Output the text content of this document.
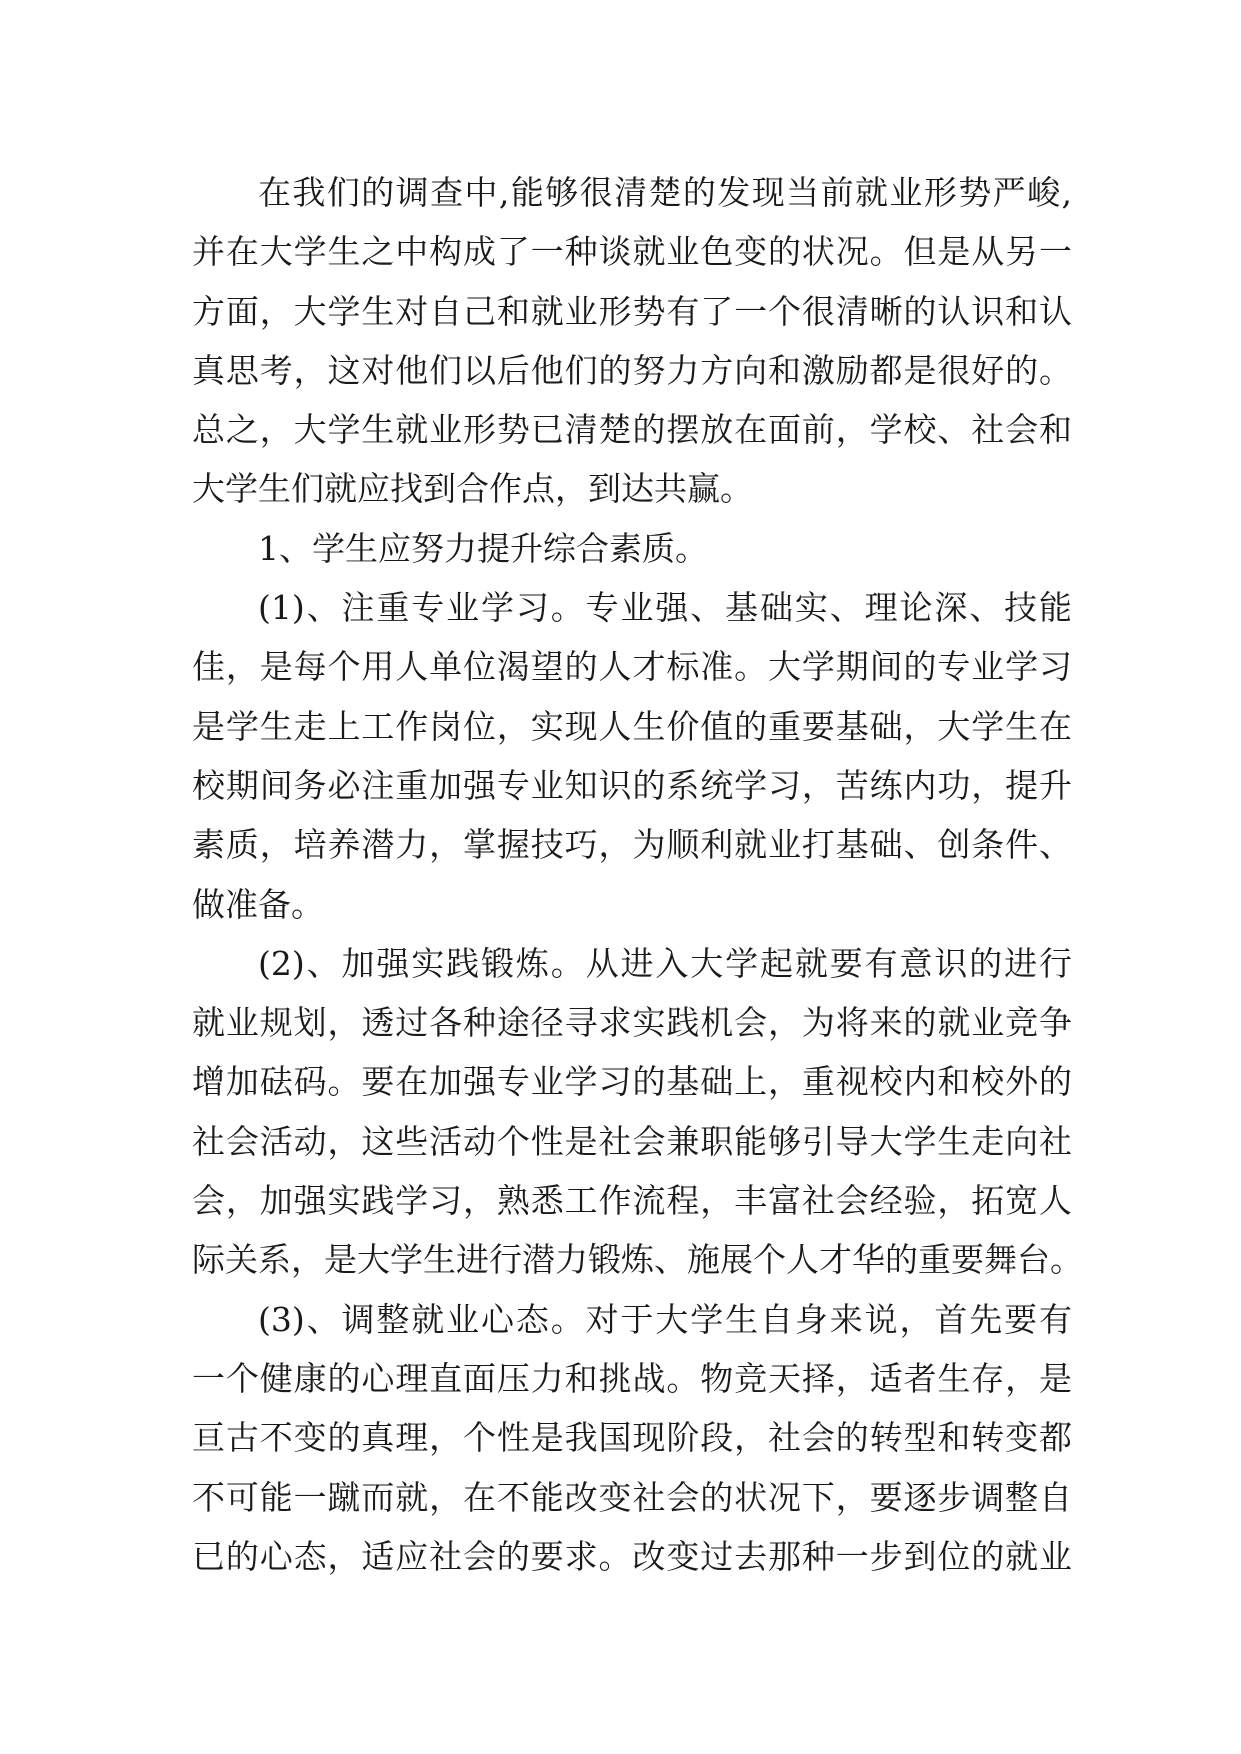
在我们的调查中,能够很清楚的发现当前就业形势严峻,
并在大学生之中构成了一种谈就业色变的状况。但是从另一
方面，大学生对自己和就业形势有了一个很清晰的认识和认
真思考，这对他们以后他们的努力方向和激励都是很好的。
总之，大学生就业形势已清楚的摆放在面前，学校、社会和
大学生们就应找到合作点，到达共赢。
1、学生应努力提升综合素质。
(1)、注重专业学习。专业强、基础实、理论深、技能
佳，是每个用人单位渴望的人才标准。大学期间的专业学习
是学生走上工作岗位，实现人生价值的重要基础，大学生在
校期间务必注重加强专业知识的系统学习，苦练内功，提升
素质，培养潜力，掌握技巧，为顺利就业打基础、创条件、
做准备。
(2)、加强实践锻炼。从进入大学起就要有意识的进行
就业规划，透过各种途径寻求实践机会，为将来的就业竞争
增加砝码。要在加强专业学习的基础上，重视校内和校外的
社会活动，这些活动个性是社会兼职能够引导大学生走向社
会，加强实践学习，熟悉工作流程，丰富社会经验，拓宽人
际关系，是大学生进行潜力锻炼、施展个人才华的重要舞台。
(3)、调整就业心态。对于大学生自身来说，首先要有
一个健康的心理直面压力和挑战。物竞天择，适者生存，是
亘古不变的真理，个性是我国现阶段，社会的转型和转变都
不可能一蹴而就，在不能改变社会的状况下，要逐步调整自
已的心态，适应社会的要求。改变过去那种一步到位的就业
